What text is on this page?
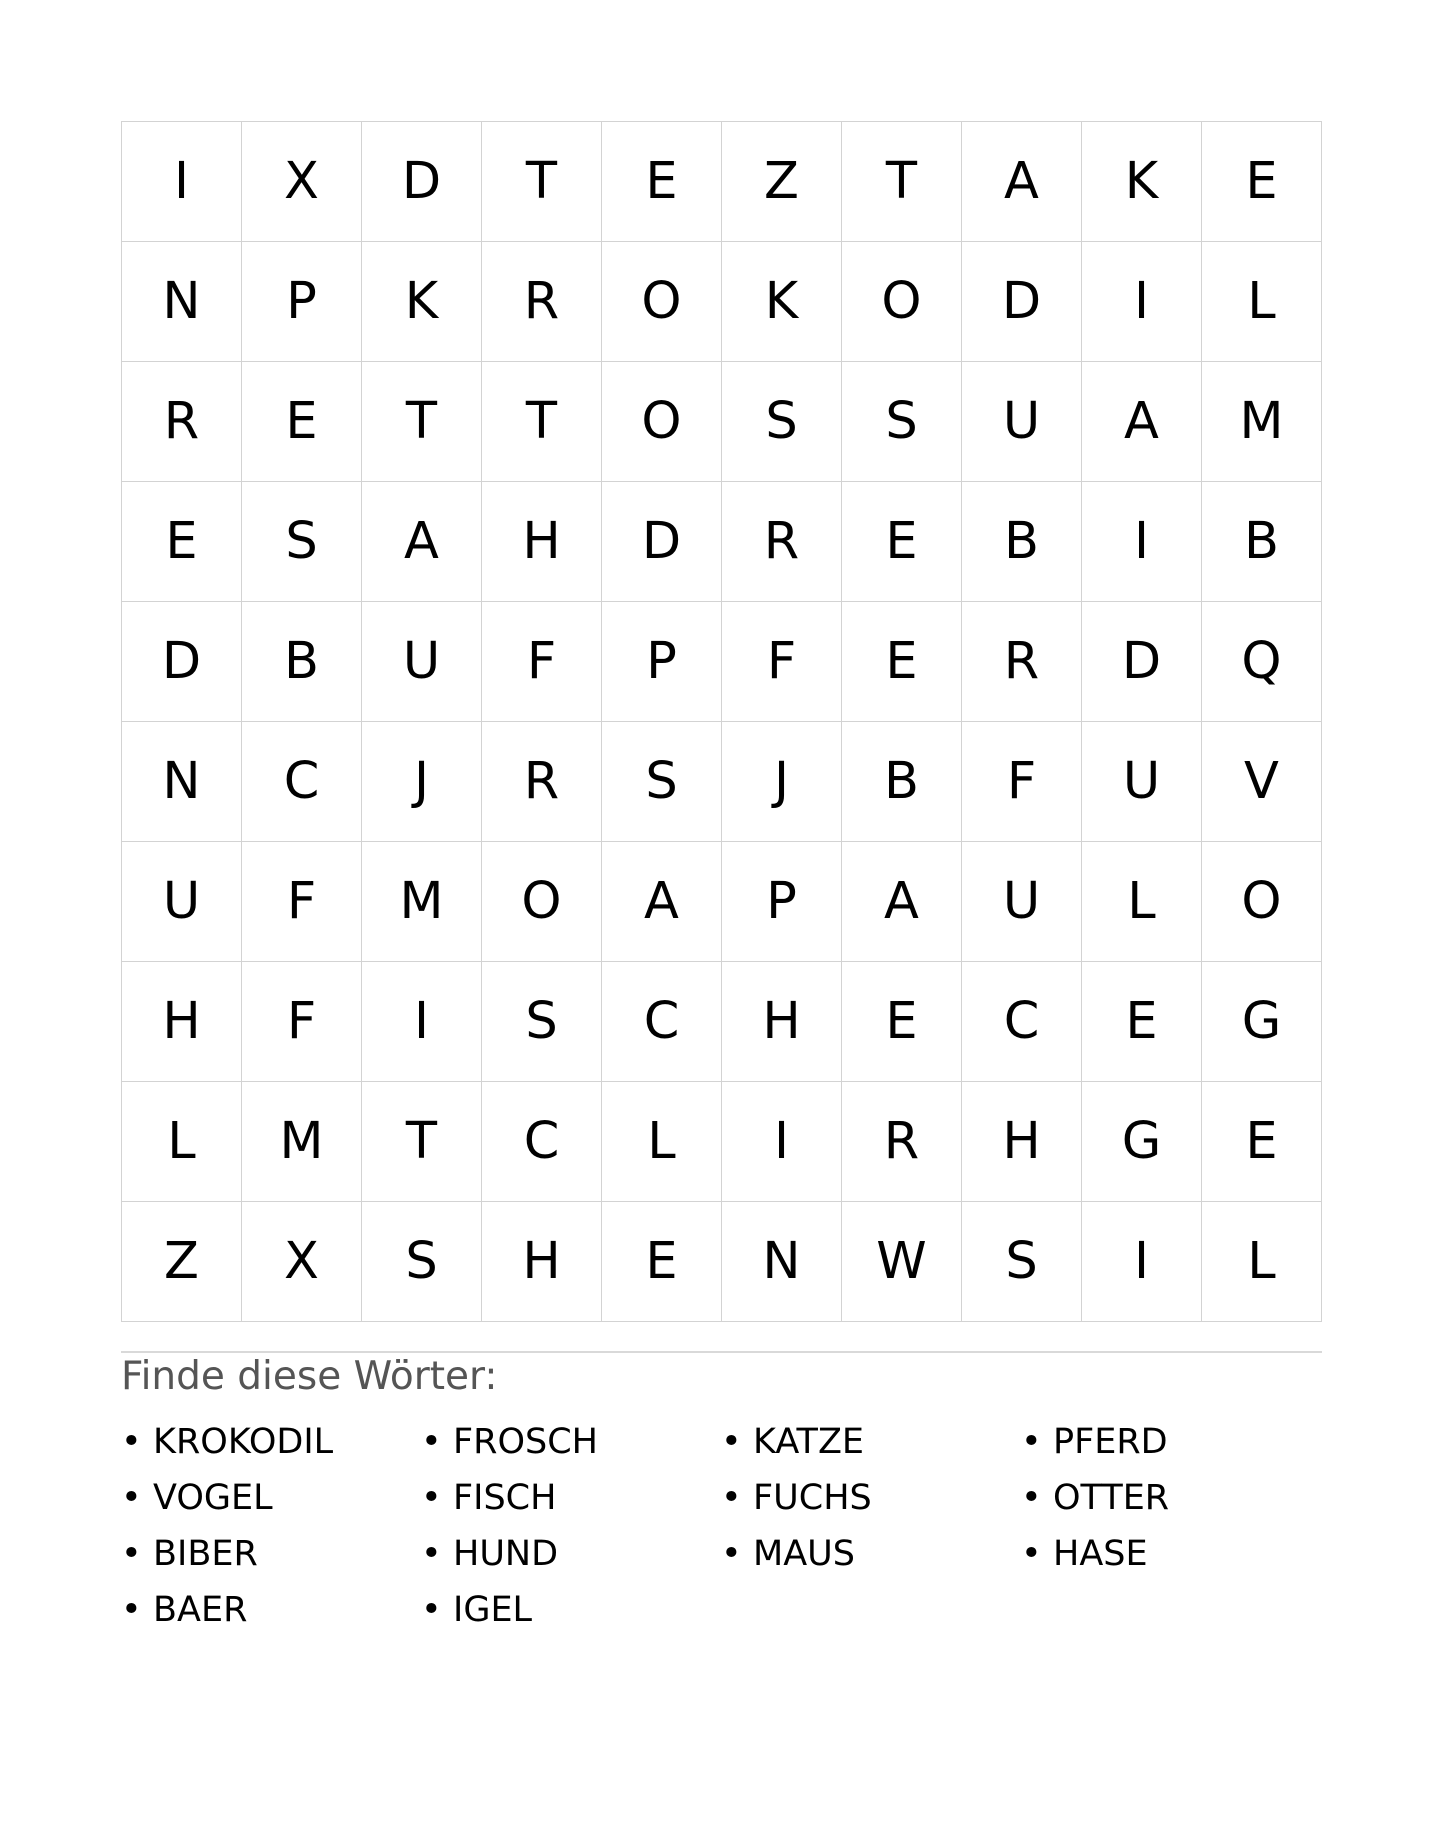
I	X	D	T	E	Z	T	A	K	E
N	P	K	R	O	K	O	D	I	L
R	E	T	T	O	S	S	U	A	M
E	S	A	H	D	R	E	B	I	B
D	B	U	F	P	F	E	R	D	Q
N	C	J	R	S	J	B	F	U	V
U	F	M	O	A	P	A	U	L	O
H	F	I	S	C	H	E	C	E	G
L	M	T	C	L	I	R	H	G	E
Z	X	S	H	E	N	W	S	I	L
Finde diese Wörter:
• KROKODIL	• FROSCH	• KATZE	• PFERD
• VOGEL	• FISCH	• FUCHS	• OTTER
• BIBER	• HUND	• MAUS	• HASE
• BAER	• IGEL
